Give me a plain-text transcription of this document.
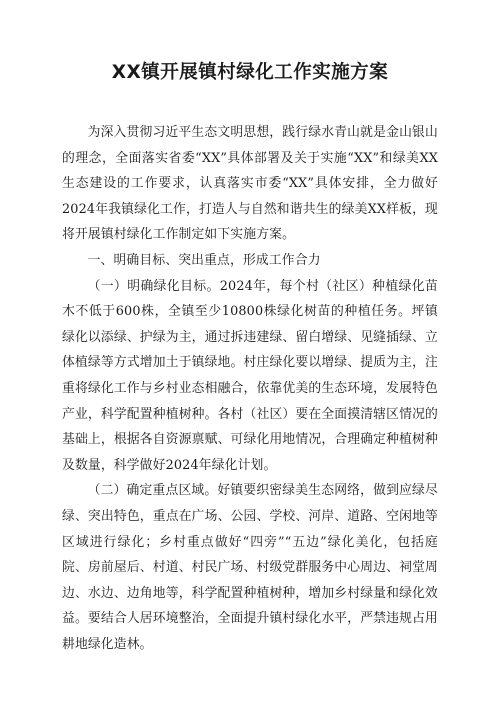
XX镇开展镇村绿化工作实施方案

为深入贯彻习近平生态文明思想，践行绿水青山就是金山银山的理念，全面落实省委“XX”具体部署及关于实施“XX”和绿美XX生态建设的工作要求，认真落实市委“XX”具体安排，全力做好2024年我镇绿化工作，打造人与自然和谐共生的绿美XX样板，现将开展镇村绿化工作制定如下实施方案。

一、明确目标、突出重点，形成工作合力

（一）明确绿化目标。2024年，每个村（社区）种植绿化苗木不低于600株，全镇至少10800株绿化树苗的种植任务。坪镇绿化以添绿、护绿为主，通过拆违建绿、留白增绿、见缝插绿、立体植绿等方式增加土于镇绿地。村庄绿化要以增绿、提质为主，注重将绿化工作与乡村业态相融合，依靠优美的生态环境，发展特色产业，科学配置种植树种。各村（社区）要在全面摸清辖区情况的基础上，根据各自资源禀赋、可绿化用地情况，合理确定种植树种及数量，科学做好2024年绿化计划。

（二）确定重点区域。好镇要织密绿美生态网络，做到应绿尽绿、突出特色，重点在广场、公园、学校、河岸、道路、空闲地等区域进行绿化；乡村重点做好“四旁”“五边”绿化美化，包括庭院、房前屋后、村道、村民广场、村级党群服务中心周边、祠堂周边、水边、边角地等，科学配置种植树种，增加乡村绿量和绿化效益。要结合人居环境整治，全面提升镇村绿化水平，严禁违规占用耕地绿化造林。
